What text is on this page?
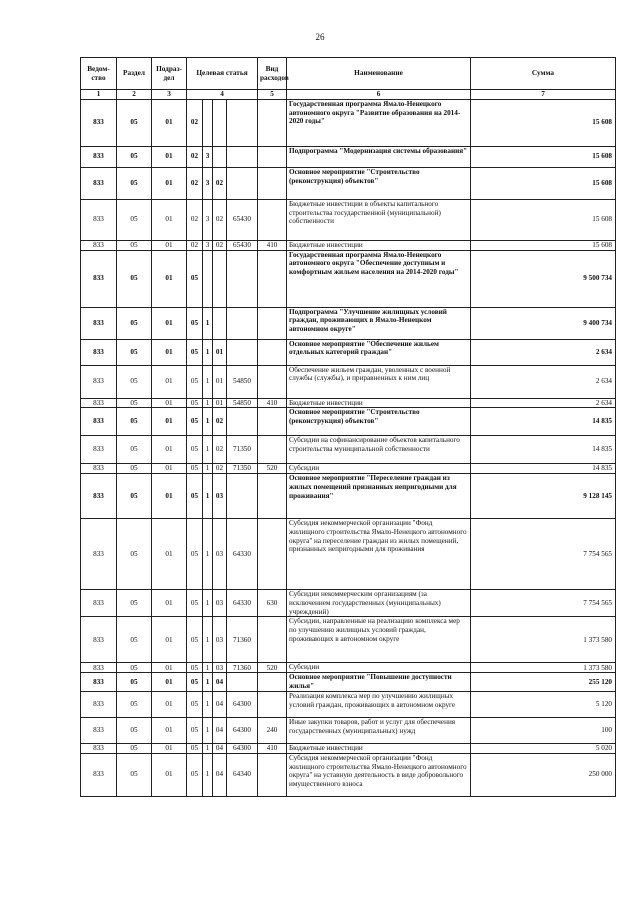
26
Ведом-ство	Раздел	Подраз-дел	Целевая статья				Вид расходов	Наименование	Сумма
1	2	3	4				5	6	7
833	05	01	02					Государственная программа Ямало-Ненецкого автономного округа "Развитие образования на 2014-2020 годы"	15 608
833	05	01	02	3				Подпрограмма "Модернизация системы образования"	15 608
833	05	01	02	3	02			Основное мероприятие "Строительство (реконструкция) объектов"	15 608
833	05	01	02	3	02	65430		Бюджетные инвестиции в объекты капитального строительства государственной (муниципальной) собственности	15 608
833	05	01	02	3	02	65430	410	Бюджетные инвестиции	15 608
833	05	01	05					Государственная программа Ямало-Ненецкого автономного округа "Обеспечение доступным и комфортным жильем населения на 2014-2020 годы"	9 500 734
833	05	01	05	1				Подпрограмма "Улучшение жилищных условий граждан, проживающих в Ямало-Ненецком автономном округе"	9 400 734
833	05	01	05	1	01			Основное мероприятие "Обеспечение жильем отдельных категорий граждан"	2 634
833	05	01	05	1	01	54850		Обеспечение жильем граждан, уволенных с военной службы (службы), и приравненных к ним лиц	2 634
833	05	01	05	1	01	54850	410	Бюджетные инвестиции	2 634
833	05	01	05	1	02			Основное мероприятие "Строительство (реконструкция) объектов"	14 835
833	05	01	05	1	02	71350		Субсидии на софинансирование объектов капитального строительства муниципальной собственности	14 835
833	05	01	05	1	02	71350	520	Субсидии	14 835
833	05	01	05	1	03			Основное мероприятие "Переселение граждан из жилых помещений признанных непригодными для проживания"	9 128 145
833	05	01	05	1	03	64330		Субсидия некоммерческой организации "Фонд жилищного строительства Ямало-Ненецкого автономного округа" на переселение граждан из жилых помещений, признанных непригодными для проживания	7 754 565
833	05	01	05	1	03	64330	630	Субсидии некоммерческим организациям (за исключением государственных (муниципальных) учреждений)	7 754 565
833	05	01	05	1	03	71360		Субсидии, направленные на реализацию комплекса мер по улучшению жилищных условий граждан, проживающих в автономном округе	1 373 580
833	05	01	05	1	03	71360	520	Субсидии	1 373 580
833	05	01	05	1	04			Основное мероприятие "Повышение доступности жилья"	255 120
833	05	01	05	1	04	64300		Реализация комплекса мер по улучшению жилищных условий граждан, проживающих в автономном округе	5 120
833	05	01	05	1	04	64300	240	Иные закупки товаров, работ и услуг для обеспечения государственных (муниципальных) нужд	100
833	05	01	05	1	04	64300	410	Бюджетные инвестиции	5 020
833	05	01	05	1	04	64340		Субсидия некоммерческой организации "Фонд жилищного строительства Ямало-Ненецкого автономного округа" на уставную деятельность в виде добровольного имущественного взноса	250 000
